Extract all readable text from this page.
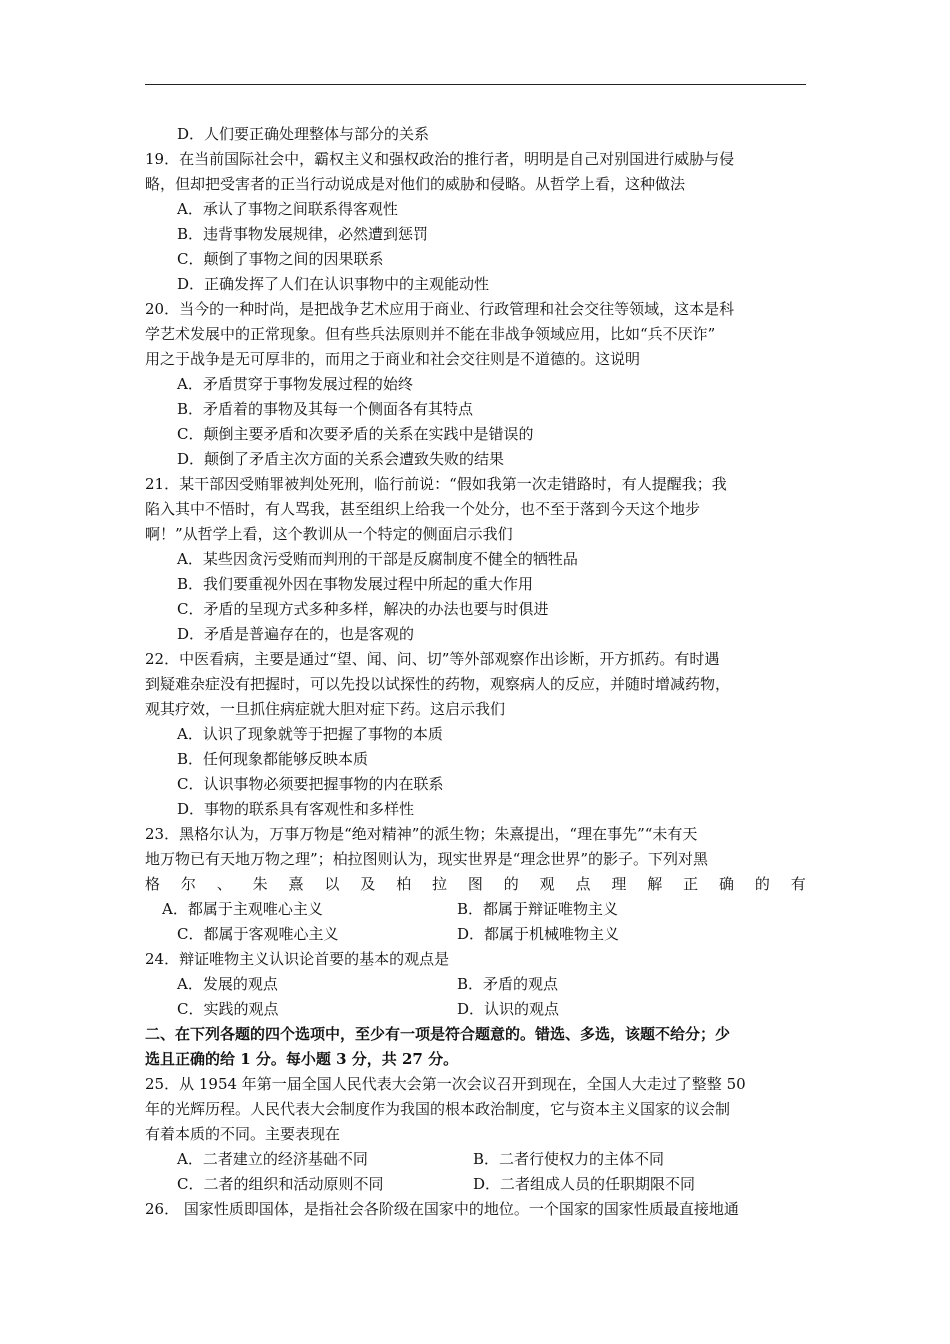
D．人们要正确处理整体与部分的关系
19．在当前国际社会中，霸权主义和强权政治的推行者，明明是自己对别国进行威胁与侵
略，但却把受害者的正当行动说成是对他们的威胁和侵略。从哲学上看，这种做法
A．承认了事物之间联系得客观性
B．违背事物发展规律，必然遭到惩罚
C．颠倒了事物之间的因果联系
D．正确发挥了人们在认识事物中的主观能动性
20．当今的一种时尚，是把战争艺术应用于商业、行政管理和社会交往等领域，这本是科
学艺术发展中的正常现象。但有些兵法原则并不能在非战争领域应用，比如“兵不厌诈”
用之于战争是无可厚非的，而用之于商业和社会交往则是不道德的。这说明
A．矛盾贯穿于事物发展过程的始终
B．矛盾着的事物及其每一个侧面各有其特点
C．颠倒主要矛盾和次要矛盾的关系在实践中是错误的
D．颠倒了矛盾主次方面的关系会遭致失败的结果
21．某干部因受贿罪被判处死刑，临行前说：“假如我第一次走错路时，有人提醒我；我
陷入其中不悟时，有人骂我，甚至组织上给我一个处分，也不至于落到今天这个地步
啊！”从哲学上看，这个教训从一个特定的侧面启示我们
A．某些因贪污受贿而判刑的干部是反腐制度不健全的牺牲品
B．我们要重视外因在事物发展过程中所起的重大作用
C．矛盾的呈现方式多种多样，解决的办法也要与时俱进
D．矛盾是普遍存在的，也是客观的
22．中医看病，主要是通过“望、闻、问、切”等外部观察作出诊断，开方抓药。有时遇
到疑难杂症没有把握时，可以先投以试探性的药物，观察病人的反应，并随时增减药物，
观其疗效，一旦抓住病症就大胆对症下药。这启示我们
A．认识了现象就等于把握了事物的本质
B．任何现象都能够反映本质
C．认识事物必须要把握事物的内在联系
D．事物的联系具有客观性和多样性
23．黑格尔认为，万事万物是“绝对精神”的派生物；朱熹提出，“理在事先”“未有天
地万物已有天地万物之理”；柏拉图则认为，现实世界是“理念世界”的影子。下列对黑
格 尔 、 朱 熹 以 及 柏 拉 图 的 观 点 理 解 正 确 的 有
A．都属于主观唯心主义	B．都属于辩证唯物主义
C．都属于客观唯心主义	D．都属于机械唯物主义
24．辩证唯物主义认识论首要的基本的观点是
A．发展的观点	B．矛盾的观点
C．实践的观点	D．认识的观点
二、在下列各题的四个选项中，至少有一项是符合题意的。错选、多选，该题不给分；少
选且正确的给 1 分。每小题 3 分，共 27 分。
25．从 1954 年第一届全国人民代表大会第一次会议召开到现在，全国人大走过了整整 50
年的光辉历程。人民代表大会制度作为我国的根本政治制度，它与资本主义国家的议会制
有着本质的不同。主要表现在
A．二者建立的经济基础不同	B．二者行使权力的主体不同
C．二者的组织和活动原则不同	D．二者组成人员的任职期限不同
26． 国家性质即国体，是指社会各阶级在国家中的地位。一个国家的国家性质最直接地通
